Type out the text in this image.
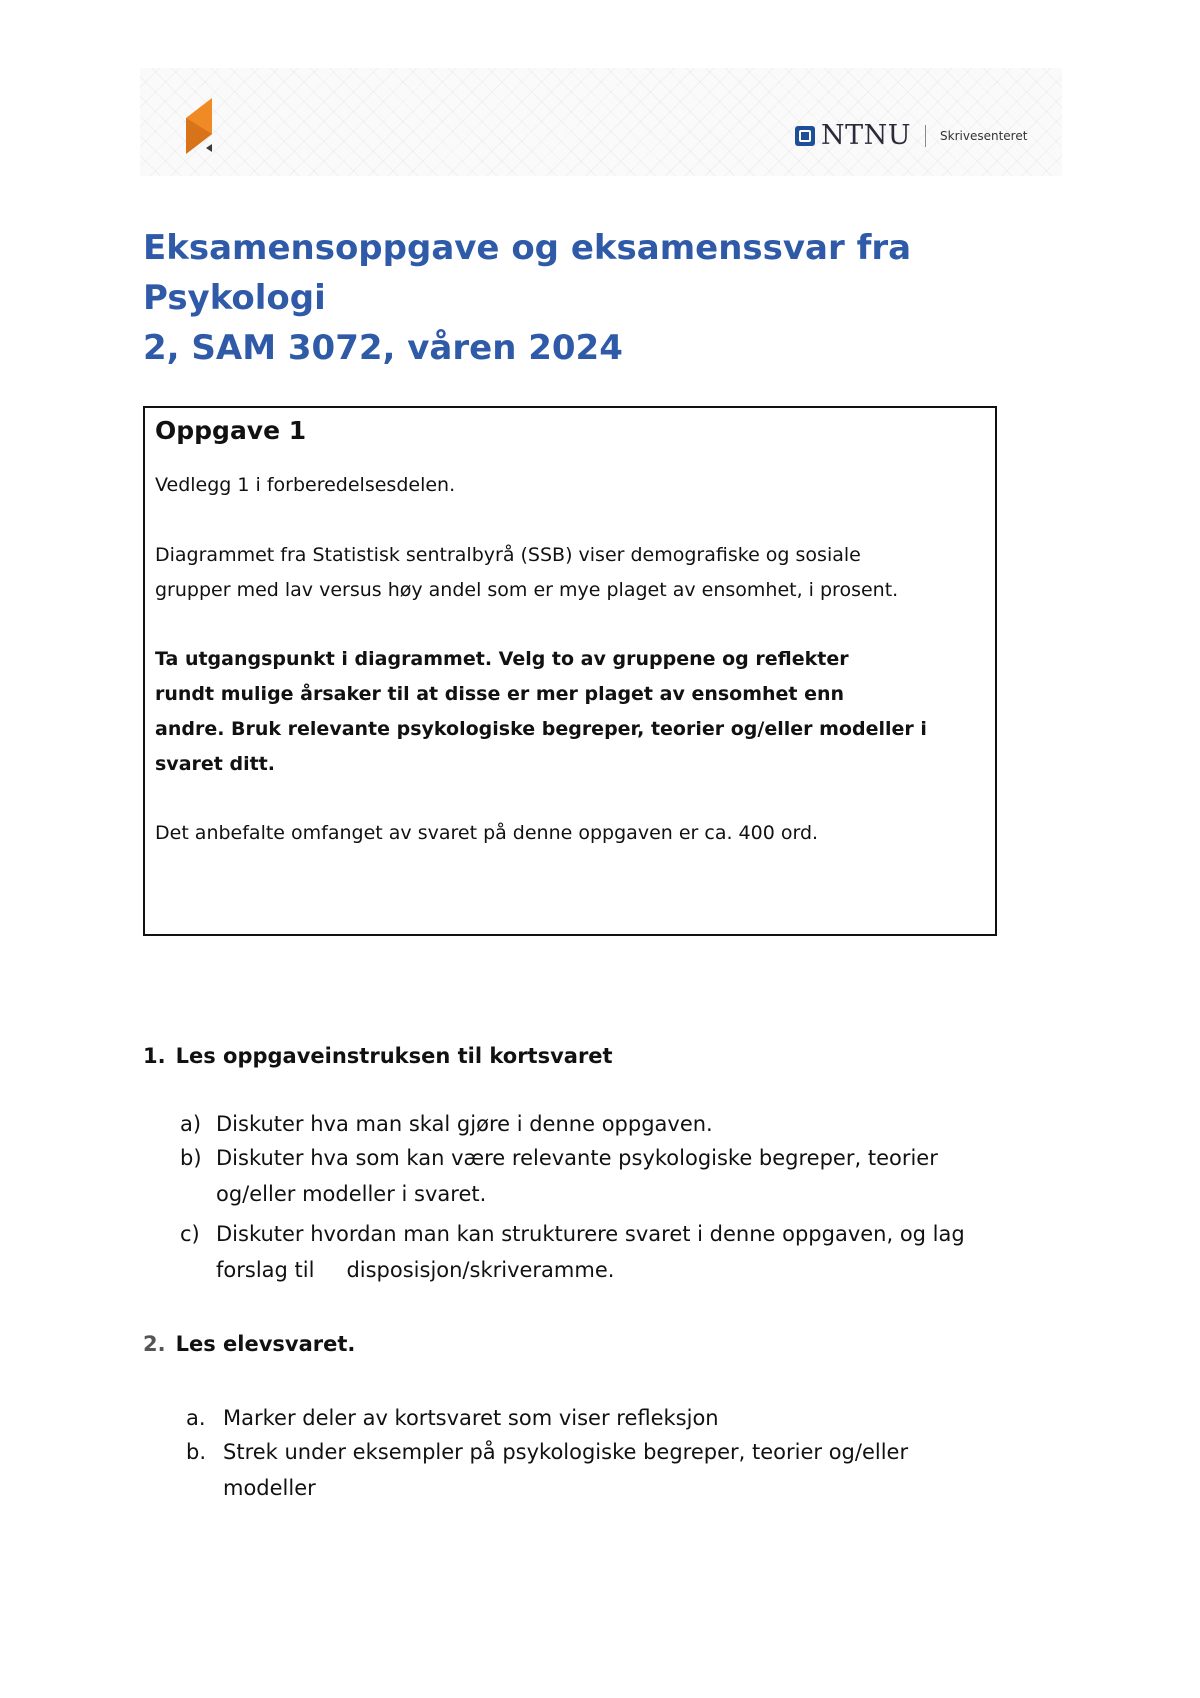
NTNU Skrivesenteret
Eksamensoppgave og eksamenssvar fra Psykologi
2, SAM 3072, våren 2024
Oppgave 1

Vedlegg 1 i forberedelsesdelen.

Diagrammet fra Statistisk sentralbyrå (SSB) viser demografiske og sosiale
grupper med lav versus høy andel som er mye plaget av ensomhet, i prosent.

Ta utgangspunkt i diagrammet. Velg to av gruppene og reflekter
rundt mulige årsaker til at disse er mer plaget av ensomhet enn
andre. Bruk relevante psykologiske begreper, teorier og/eller modeller i
svaret ditt.

Det anbefalte omfanget av svaret på denne oppgaven er ca. 400 ord.

1. Les oppgaveinstruksen til kortsvaret
a) Diskuter hva man skal gjøre i denne oppgaven.
b) Diskuter hva som kan være relevante psykologiske begreper, teorier
og/eller modeller i svaret.
c) Diskuter hvordan man kan strukturere svaret i denne oppgaven, og lag
forslag til disposisjon/skriveramme.
2. Les elevsvaret.
a. Marker deler av kortsvaret som viser refleksjon
b. Strek under eksempler på psykologiske begreper, teorier og/eller
modeller
